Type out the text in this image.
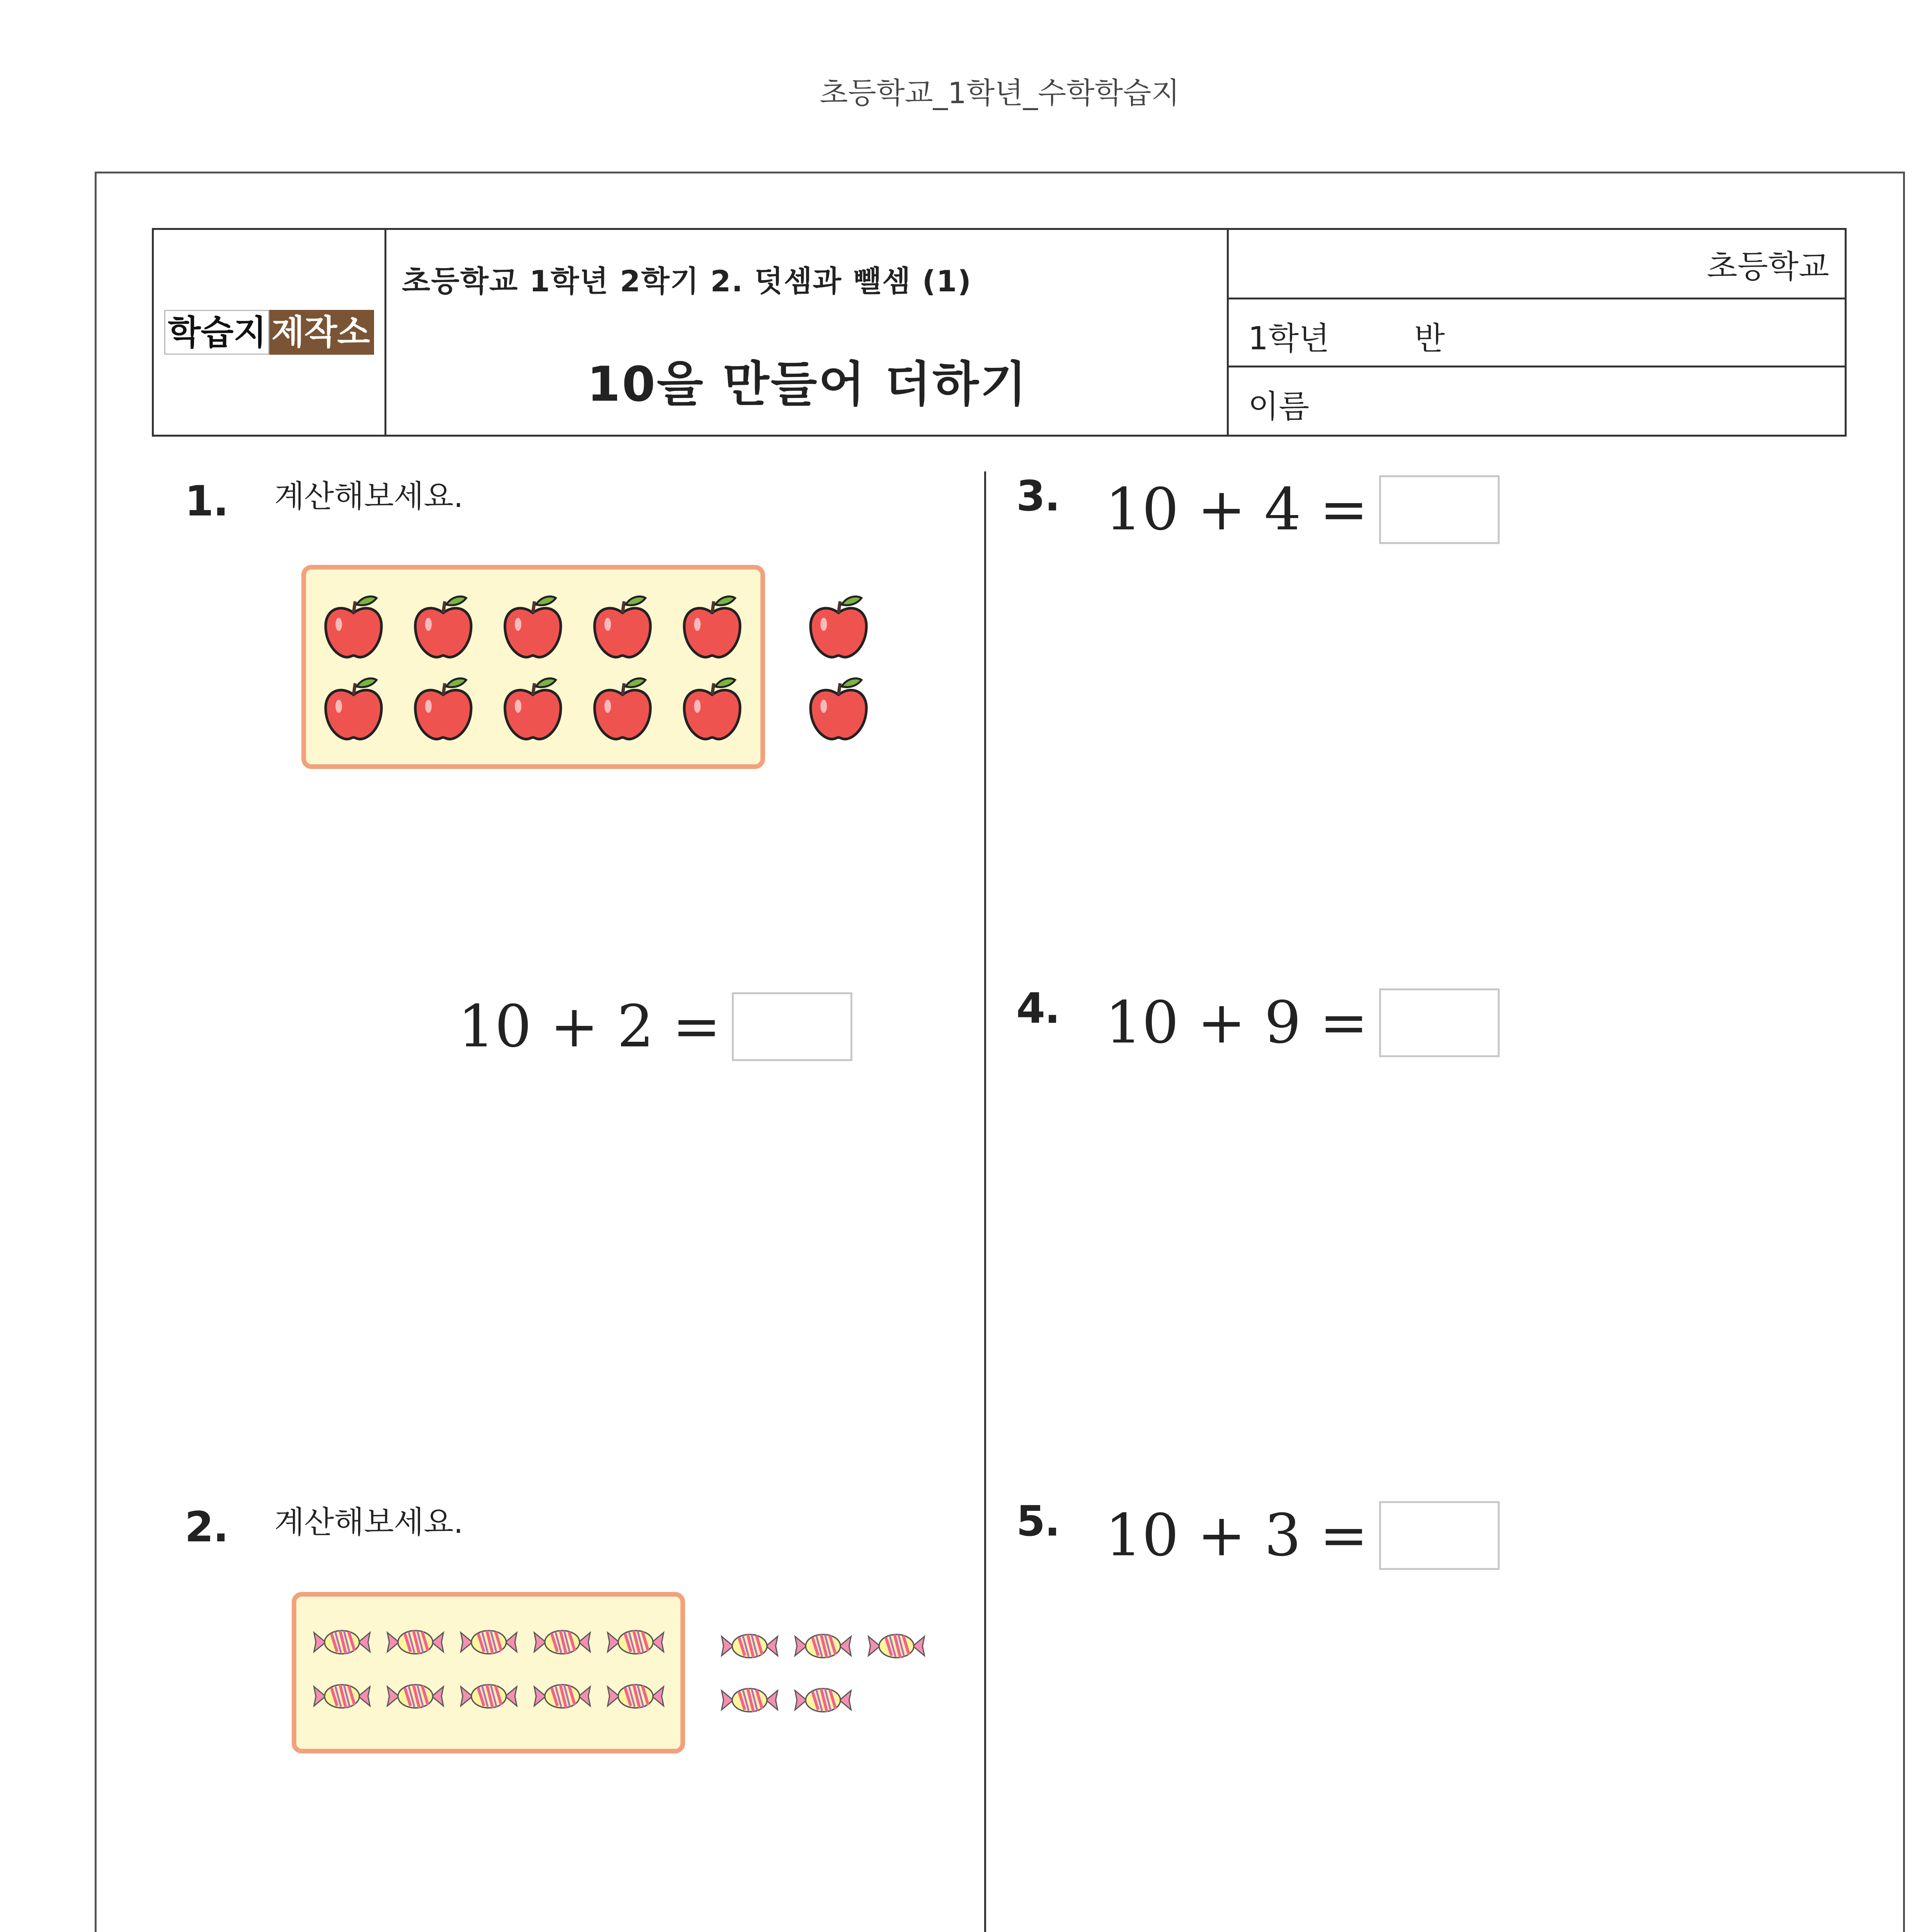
초등학교_1학년_수학학습지
학습지 제작소
초등학교 1학년 2학기 2. 덧셈과 뺄셈 (1)
10을 만들어 더하기
초등학교
1학년	반
이름
1. 계산해보세요.
10 + 2 =
2. 계산해보세요.
3. 10 + 4 =
4. 10 + 9 =
5. 10 + 3 =
